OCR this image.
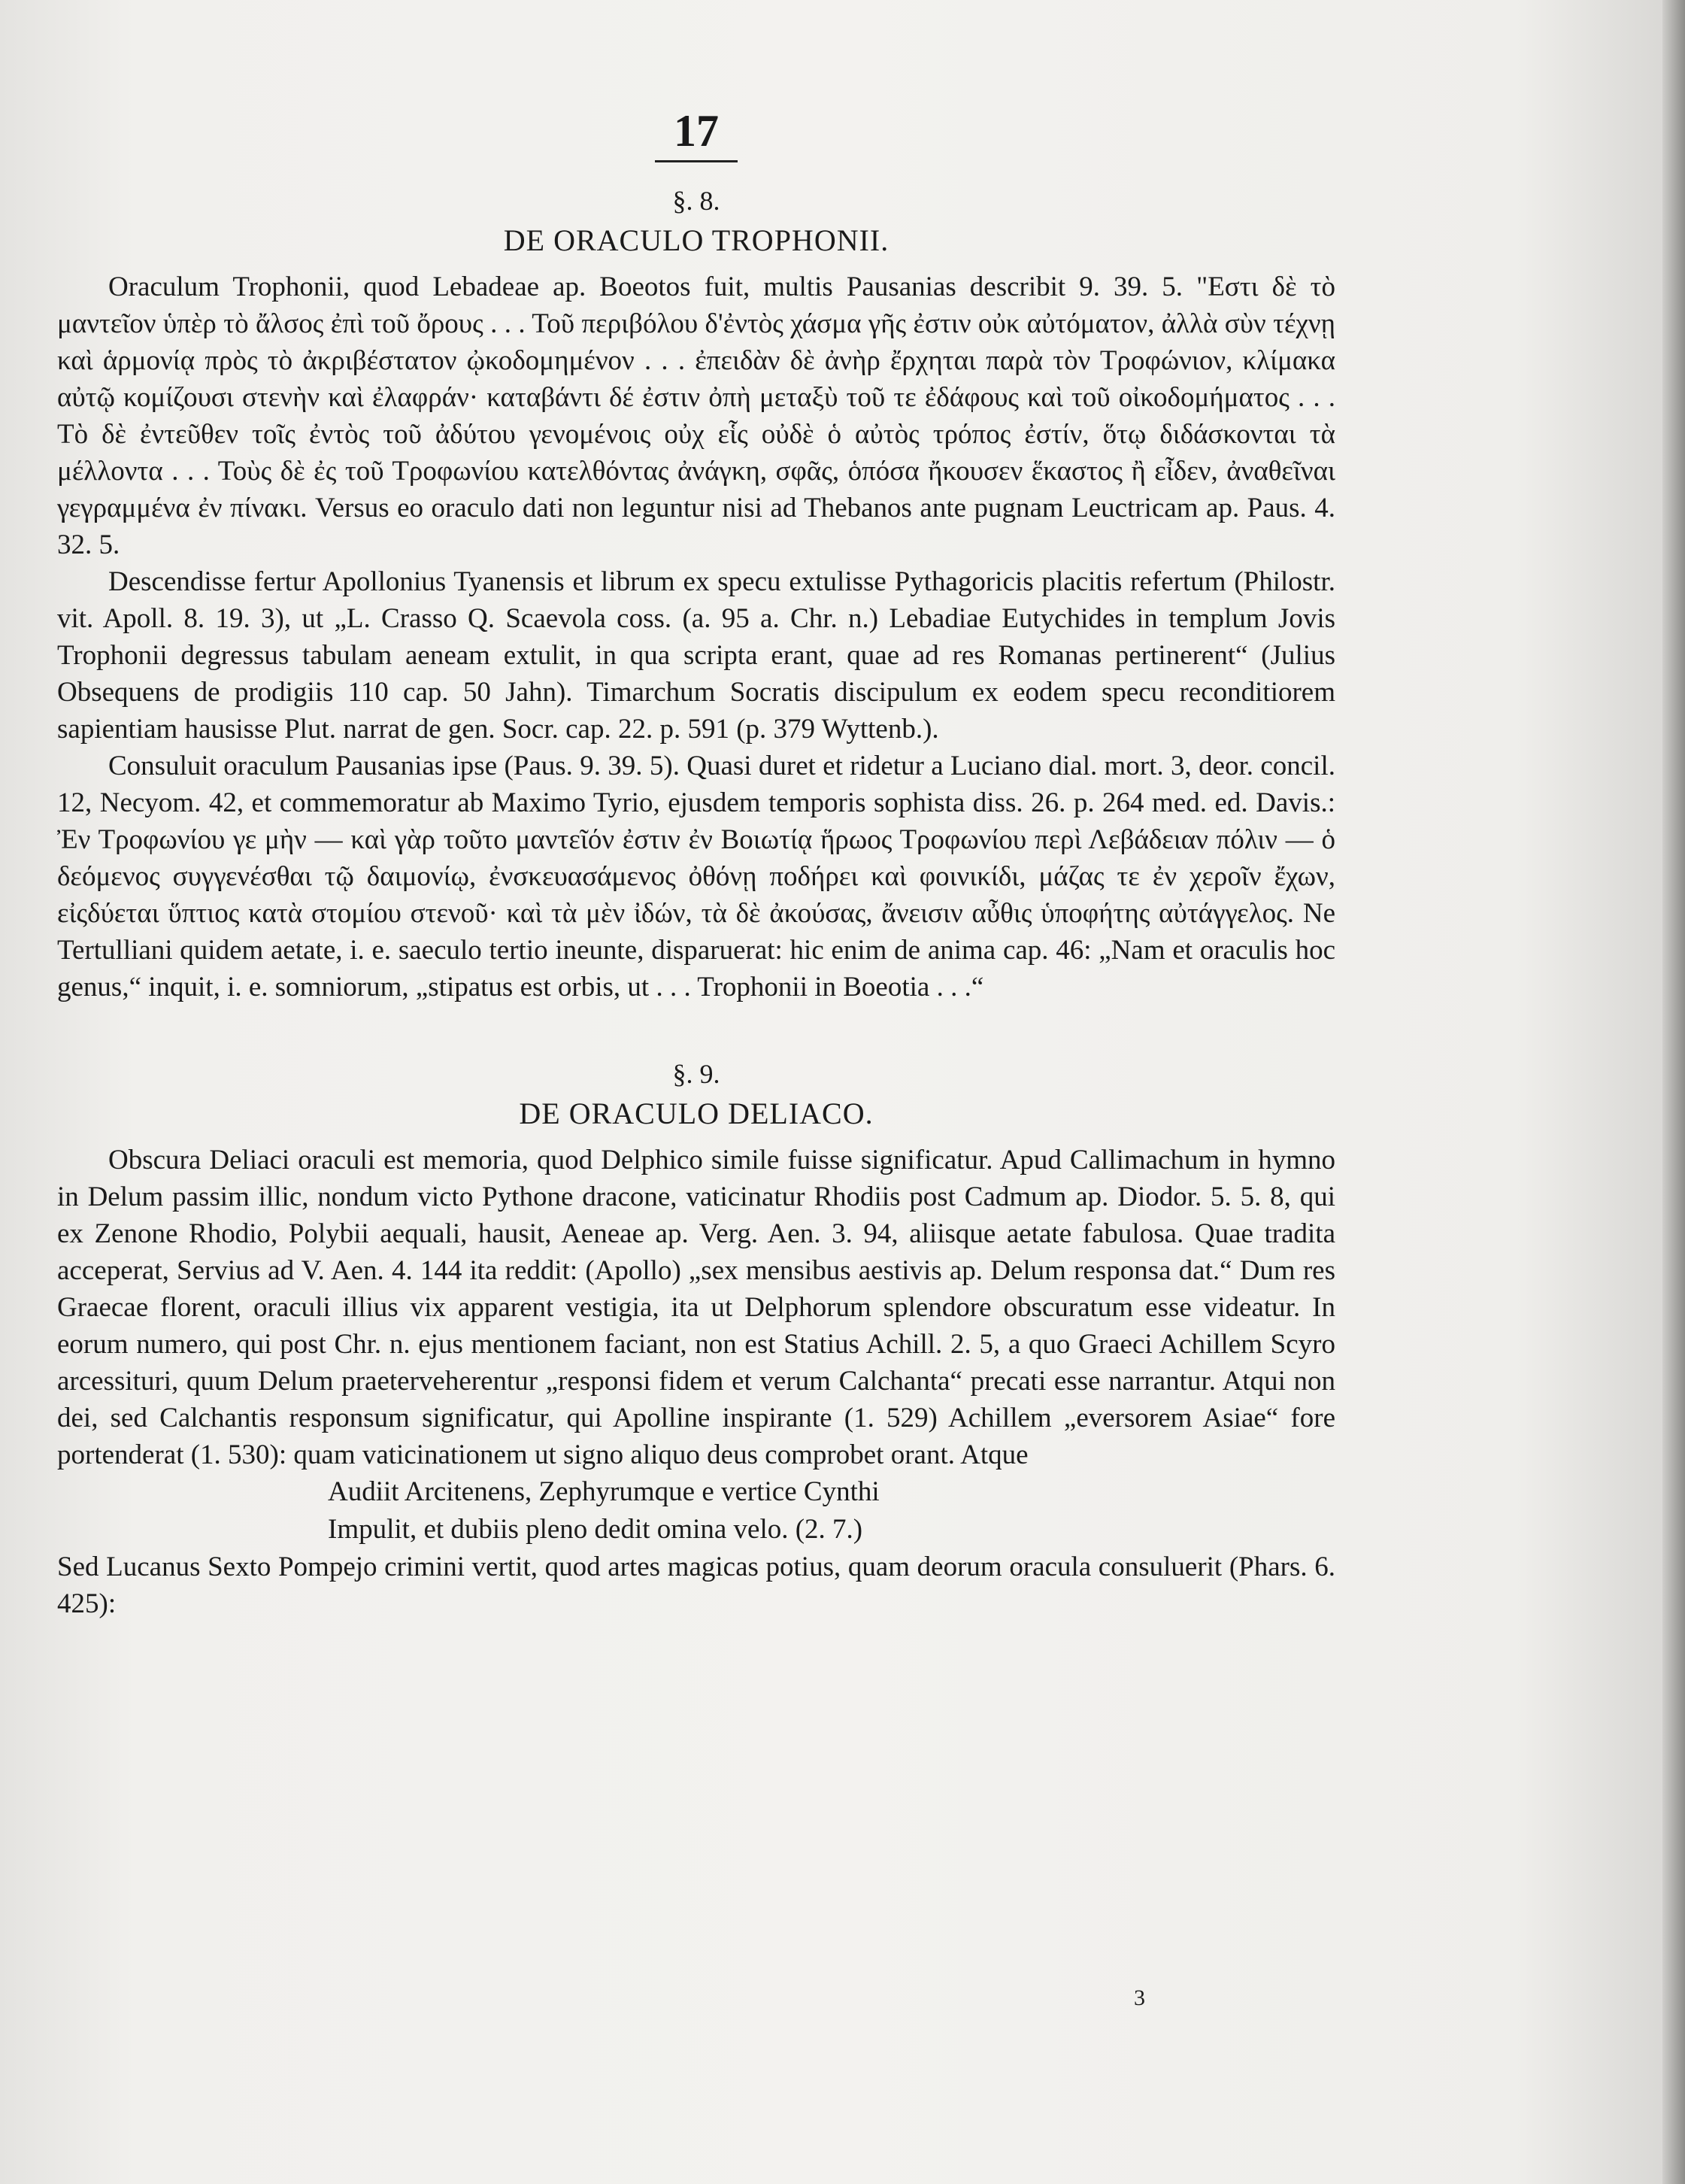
17
§. 8.
DE ORACULO TROPHONII.

Oraculum Trophonii, quod Lebadeae ap. Boeotos fuit, multis Pausanias describit 9. 39. 5. "Εστι δὲ τὸ μαντεῖον ὑπὲρ τὸ ἄλσος ἐπὶ τοῦ ὄρους . . . Τοῦ περιβόλου δ'ἐντὸς χάσμα γῆς ἐστιν οὐκ αὐτόματον, ἀλλὰ σὺν τέχνῃ καὶ ἁρμονίᾳ πρὸς τὸ ἀκριβέστατον ᾠκοδομημένον . . . ἐπειδὰν δὲ ἀνὴρ ἔρχηται παρὰ τὸν Τροφώνιον, κλίμακα αὐτῷ κομίζουσι στενὴν καὶ ἐλαφράν· καταβάντι δέ ἐστιν ὀπὴ μεταξὺ τοῦ τε ἐδάφους καὶ τοῦ οἰκοδομήματος . . . Τὸ δὲ ἐντεῦθεν τοῖς ἐντὸς τοῦ ἀδύτου γενομένοις οὐχ εἷς οὐδὲ ὁ αὐτὸς τρόπος ἐστίν, ὅτῳ διδάσκονται τὰ μέλλοντα . . . Τοὺς δὲ ἐς τοῦ Τροφωνίου κατελθόντας ἀνάγκη, σφᾶς, ὁπόσα ἤκουσεν ἕκαστος ἢ εἶδεν, ἀναθεῖναι γεγραμμένα ἐν πίνακι. Versus eo oraculo dati non leguntur nisi ad Thebanos ante pugnam Leuctricam ap. Paus. 4. 32. 5.

Descendisse fertur Apollonius Tyanensis et librum ex specu extulisse Pythagoricis placitis refertum (Philostr. vit. Apoll. 8. 19. 3), ut „L. Crasso Q. Scaevola coss. (a. 95 a. Chr. n.) Lebadiae Eutychides in templum Jovis Trophonii degressus tabulam aeneam extulit, in qua scripta erant, quae ad res Romanas pertinerent“ (Julius Obsequens de prodigiis 110 cap. 50 Jahn). Timarchum Socratis discipulum ex eodem specu reconditiorem sapientiam hausisse Plut. narrat de gen. Socr. cap. 22. p. 591 (p. 379 Wyttenb.).

Consuluit oraculum Pausanias ipse (Paus. 9. 39. 5). Quasi duret et ridetur a Luciano dial. mort. 3, deor. concil. 12, Necyom. 42, et commemoratur ab Maximo Tyrio, ejusdem temporis sophista diss. 26. p. 264 med. ed. Davis.: Ἐν Τροφωνίου γε μὴν — καὶ γὰρ τοῦτο μαντεῖόν ἐστιν ἐν Βοιωτίᾳ ἥρωος Τροφωνίου περὶ Λεβάδειαν πόλιν — ὁ δεόμενος συγγενέσθαι τῷ δαιμονίῳ, ἐνσκευασάμενος ὀθόνῃ ποδήρει καὶ φοινικίδι, μάζας τε ἐν χεροῖν ἔχων, εἰςδύεται ὕπτιος κατὰ στομίου στενοῦ· καὶ τὰ μὲν ἰδών, τὰ δὲ ἀκούσας, ἄνεισιν αὖθις ὑποφήτης αὐτάγγελος. Ne Tertulliani quidem aetate, i. e. saeculo tertio ineunte, disparuerat: hic enim de anima cap. 46: „Nam et oraculis hoc genus,“ inquit, i. e. somniorum, „stipatus est orbis, ut . . . Trophonii in Boeotia . . .“

§. 9.
DE ORACULO DELIACO.

Obscura Deliaci oraculi est memoria, quod Delphico simile fuisse significatur. Apud Callimachum in hymno in Delum passim illic, nondum victo Pythone dracone, vaticinatur Rhodiis post Cadmum ap. Diodor. 5. 5. 8, qui ex Zenone Rhodio, Polybii aequali, hausit, Aeneae ap. Verg. Aen. 3. 94, aliisque aetate fabulosa. Quae tradita acceperat, Servius ad V. Aen. 4. 144 ita reddit: (Apollo) „sex mensibus aestivis ap. Delum responsa dat.“ Dum res Graecae florent, oraculi illius vix apparent vestigia, ita ut Delphorum splendore obscuratum esse videatur. In eorum numero, qui post Chr. n. ejus mentionem faciant, non est Statius Achill. 2. 5, a quo Graeci Achillem Scyro arcessituri, quum Delum praeterveherentur „responsi fidem et verum Calchanta“ precati esse narrantur. Atqui non dei, sed Calchantis responsum significatur, qui Apolline inspirante (1. 529) Achillem „eversorem Asiae“ fore portenderat (1. 530): quam vaticinationem ut signo aliquo deus comprobet orant. Atque

Audiit Arcitenens, Zephyrumque e vertice Cynthi
Impulit, et dubiis pleno dedit omina velo. (2. 7.)

Sed Lucanus Sexto Pompejo crimini vertit, quod artes magicas potius, quam deorum oracula consuluerit (Phars. 6. 425):

3
